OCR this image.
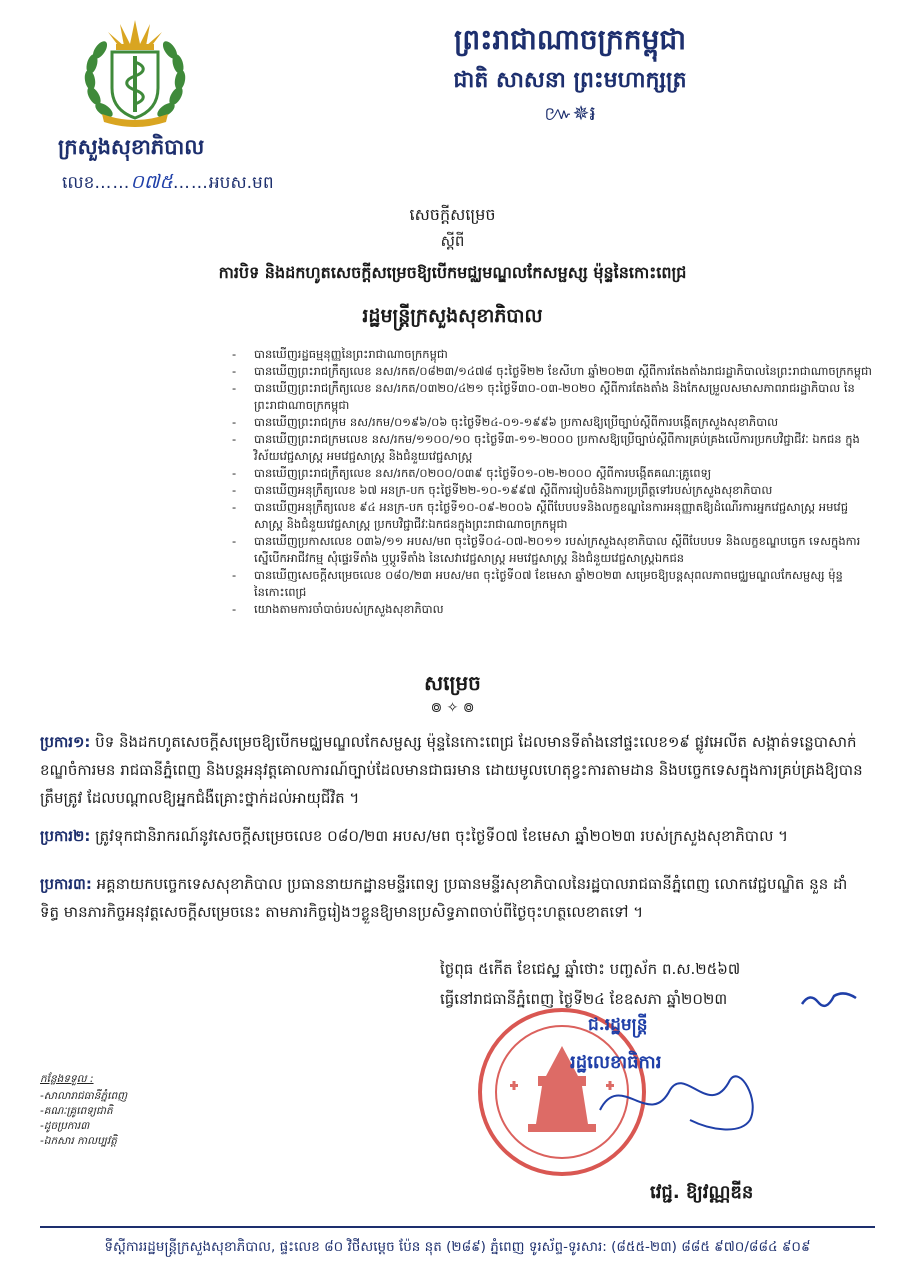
ព្រះរាជាណាចក្រកម្ពុជា
ជាតិ សាសនា ព្រះមហាក្សត្រ
៚✵៛
ក្រសួងសុខាភិបាល
លេខ……០៧៥……អបស.មព
សេចក្តីសម្រេច
ស្តីពី
ការបិទ និងដកហូតសេចក្តីសម្រេចឱ្យបើកមជ្ឈមណ្ឌលកែសម្ផស្ស ម៉ុន្ទនៃកោះពេជ្រ
រដ្ឋមន្ត្រីក្រសួងសុខាភិបាល
- បានឃើញរដ្ឋធម្មនុញ្ញនៃព្រះរាជាណាចក្រកម្ពុជា
- បានឃើញព្រះរាជក្រឹត្យលេខ នស/រកត/០៨២៣/១៤៧៨ ចុះថ្ងៃទី២២ ខែសីហា ឆ្នាំ២០២៣ ស្តីពីការតែងតាំងរាជរដ្ឋាភិបាលនៃព្រះរាជាណាចក្រកម្ពុជា
- បានឃើញព្រះរាជក្រឹត្យលេខ នស/រកត/០៣២០/៤២១ ចុះថ្ងៃទី៣០-០៣-២០២០ ស្តីពីការតែងតាំង និងកែសម្រួលសមាសភាពរាជរដ្ឋាភិបាល នៃព្រះរាជាណាចក្រកម្ពុជា
- បានឃើញព្រះរាជក្រម នស/រកម/០១៩៦/០៦ ចុះថ្ងៃទី២៤-០១-១៩៩៦ ប្រកាសឱ្យប្រើច្បាប់ស្តីពីការបង្កើតក្រសួងសុខាភិបាល
- បានឃើញព្រះរាជក្រមលេខ នស/រកម/១១០០/១០ ចុះថ្ងៃទី៣-១១-២០០០ ប្រកាសឱ្យប្រើច្បាប់ស្តីពីការគ្រប់គ្រងលើការប្រកបវិជ្ជាជីវៈ ឯកជន ក្នុងវិស័យវេជ្ជសាស្ត្រ អមវេជ្ជសាស្ត្រ និងជំនួយវេជ្ជសាស្ត្រ
- បានឃើញព្រះរាជក្រឹត្យលេខ នស/រកត/០២០០/០៣៩ ចុះថ្ងៃទី០១-០២-២០០០ ស្តីពីការបង្កើតគណៈគ្រូពេទ្យ
- បានឃើញអនុក្រឹត្យលេខ ៦៧ អនក្រ-បក ចុះថ្ងៃទី២២-១០-១៩៩៧ ស្តីពីការរៀបចំនិងការប្រព្រឹត្តទៅរបស់ក្រសួងសុខាភិបាល
- បានឃើញអនុក្រឹត្យលេខ ៩៤ អនក្រ-បក ចុះថ្ងៃទី១០-០៩-២០០៦ ស្តីពីបែបបទនិងលក្ខខណ្ឌនៃការអនុញ្ញាតឱ្យដំណើរការអ្នកវេជ្ជសាស្ត្រ អមវេជ្ជសាស្ត្រ និងជំនួយវេជ្ជសាស្ត្រ ប្រកបវិជ្ជាជីវៈឯកជនក្នុងព្រះរាជាណាចក្រកម្ពុជា
- បានឃើញប្រកាសលេខ ០៣៦/១១ អបស/មព ចុះថ្ងៃទី០៤-០៧-២០១១ របស់ក្រសួងសុខាភិបាល ស្តីពីបែបបទ និងលក្ខខណ្ឌបច្ចេក ទេសក្នុងការស្នើបើកអាជីវកម្ម សុំផ្ទេរទីតាំង ឬប្តូរទីតាំង នៃសេវាវេជ្ជសាស្ត្រ អមវេជ្ជសាស្ត្រ និងជំនួយវេជ្ជសាស្ត្រឯកជន
- បានឃើញសេចក្តីសម្រេចលេខ ០៨០/២៣ អបស/មព ចុះថ្ងៃទី០៧ ខែមេសា ឆ្នាំ២០២៣ សម្រេចឱ្យបន្តសុពលភាពមជ្ឈមណ្ឌលកែសម្ផស្ស ម៉ុន្ទនៃកោះពេជ្រ
- យោងតាមការចាំបាច់របស់ក្រសួងសុខាភិបាល
សម្រេច
៙ ✧ ៙
ប្រការ១: បិទ និងដកហូតសេចក្តីសម្រេចឱ្យបើកមជ្ឈមណ្ឌលកែសម្ផស្ស ម៉ុន្ទនៃកោះពេជ្រ ដែលមានទីតាំងនៅផ្ទះលេខ១៩ ផ្លូវអេលីត សង្កាត់ទន្លេបាសាក់ ខណ្ឌចំការមន រាជធានីភ្នំពេញ និងបន្តអនុវត្តគោលការណ៍ច្បាប់ដែលមានជាធរមាន ដោយមូលហេតុខ្វះការតាមដាន និងបច្ចេកទេសក្នុងការគ្រប់គ្រងឱ្យបានត្រឹមត្រូវ ដែលបណ្តាលឱ្យអ្នកជំងឺគ្រោះថ្នាក់ដល់អាយុជីវិត ។
ប្រការ២: ត្រូវទុកជានិរាករណ៍នូវសេចក្តីសម្រេចលេខ ០៨០/២៣ អបស/មព ចុះថ្ងៃទី០៧ ខែមេសា ឆ្នាំ២០២៣ របស់ក្រសួងសុខាភិបាល ។
ប្រការ៣: អគ្គនាយកបច្ចេកទេសសុខាភិបាល ប្រធាននាយកដ្ឋានមន្ទីរពេទ្យ ប្រធានមន្ទីរសុខាភិបាលនៃរដ្ឋបាលរាជធានីភ្នំពេញ លោកវេជ្ជបណ្ឌិត នួន ដាំទិត្ធ មានភារកិច្ចអនុវត្តសេចក្តីសម្រេចនេះ តាមភារកិច្ចរៀងៗខ្លួនឱ្យមានប្រសិទ្ធភាពចាប់ពីថ្ងៃចុះហត្ថលេខាតទៅ ។
ថ្ងៃពុធ ៥កើត ខែជេស្ឋ ឆ្នាំថោះ បញ្ចស័ក ព.ស.២៥៦៧
ធ្វើនៅរាជធានីភ្នំពេញ ថ្ងៃទី២៤ ខែឧសភា ឆ្នាំ២០២៣
ជ.រដ្ឋមន្ត្រី
រដ្ឋលេខាធិការ
វេជ្ជ. ឱ្យវណ្ណឌីន
កន្លែងទទួល :
-សាលារាជធានីភ្នំពេញ
-គណៈគ្រូពេទ្យជាតិ
-ដូចប្រការ៣
-ឯកសារ កាលប្បវត្តិ
ទីស្តីការរដ្ឋមន្ត្រីក្រសួងសុខាភិបាល, ផ្ទះលេខ ៨០ វិថីសម្តេច ប៉ែន នុត (២៨៩) ភ្នំពេញ ទូរស័ព្ទ-ទូរសារ: (៨៥៥-២៣) ៨៨៥ ៩៧០/៨៨៤ ៩០៩
